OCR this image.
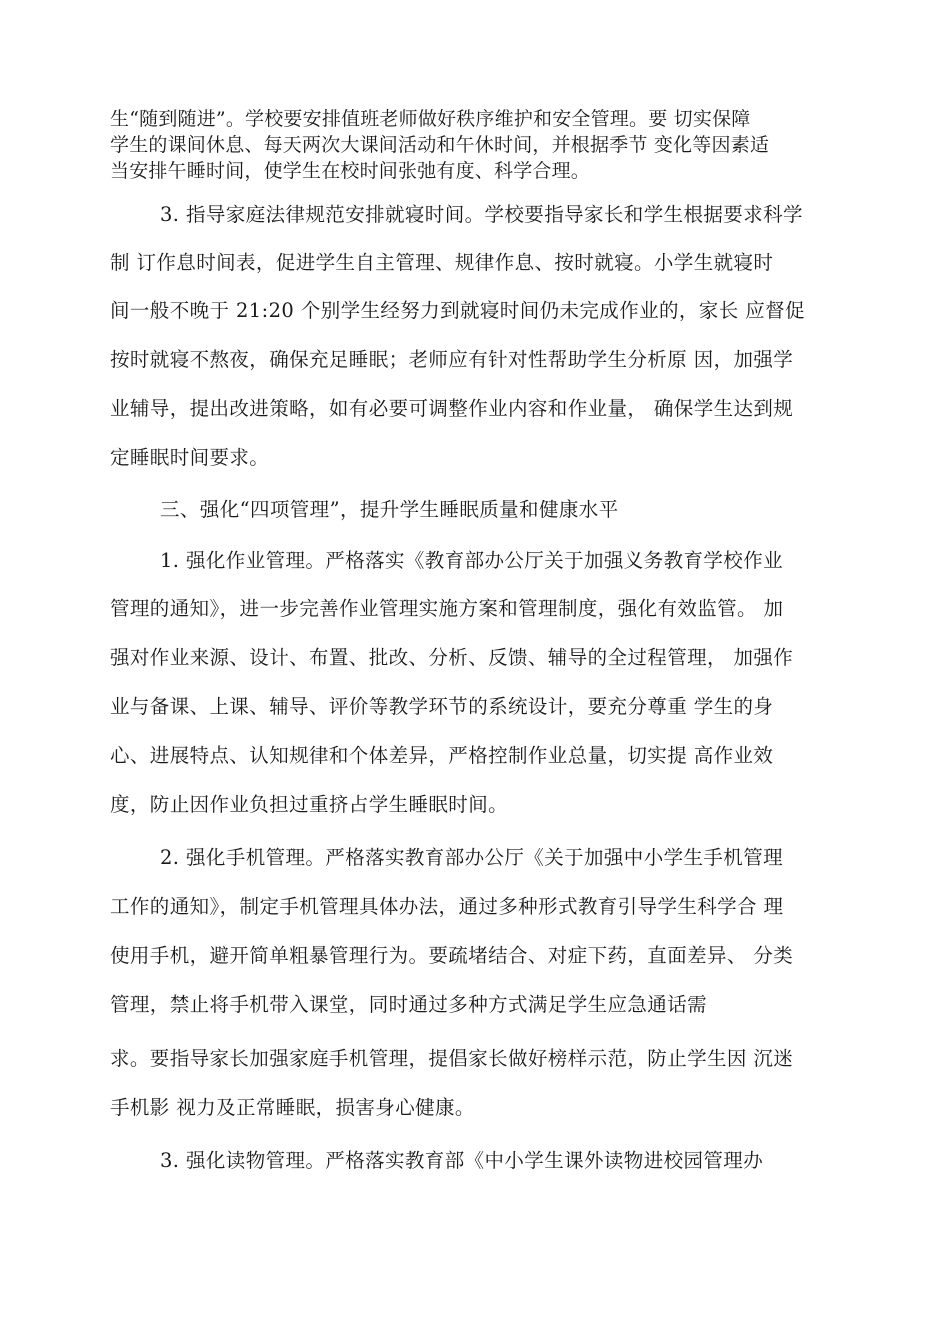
生“随到随进”。学校要安排值班老师做好秩序维护和安全管理。要 切实保障
学生的课间休息、每天两次大课间活动和午休时间，并根据季节 变化等因素适
当安排午睡时间，使学生在校时间张弛有度、科学合理。
3. 指导家庭法律规范安排就寝时间。学校要指导家长和学生根据要求科学
制 订作息时间表，促进学生自主管理、规律作息、按时就寝。小学生就寝时
间一般不晚于 21:20 个别学生经努力到就寝时间仍未完成作业的，家长 应督促
按时就寝不熬夜，确保充足睡眠；老师应有针对性帮助学生分析原 因，加强学
业辅导，提出改进策略，如有必要可调整作业内容和作业量， 确保学生达到规
定睡眠时间要求。
三、强化“四项管理”，提升学生睡眠质量和健康水平
1. 强化作业管理。严格落实《教育部办公厅关于加强义务教育学校作业
管理的通知》，进一步完善作业管理实施方案和管理制度，强化有效监管。 加
强对作业来源、设计、布置、批改、分析、反馈、辅导的全过程管理， 加强作
业与备课、上课、辅导、评价等教学环节的系统设计，要充分尊重 学生的身
心、进展特点、认知规律和个体差异，严格控制作业总量，切实提 高作业效
度，防止因作业负担过重挤占学生睡眠时间。
2. 强化手机管理。严格落实教育部办公厅《关于加强中小学生手机管理
工作的通知》，制定手机管理具体办法，通过多种形式教育引导学生科学合 理
使用手机，避开简单粗暴管理行为。要疏堵结合、对症下药，直面差异、 分类
管理，禁止将手机带入课堂，同时通过多种方式满足学生应急通话需
求。要指导家长加强家庭手机管理，提倡家长做好榜样示范，防止学生因 沉迷
手机影 视力及正常睡眠，损害身心健康。
3. 强化读物管理。严格落实教育部《中小学生课外读物进校园管理办
